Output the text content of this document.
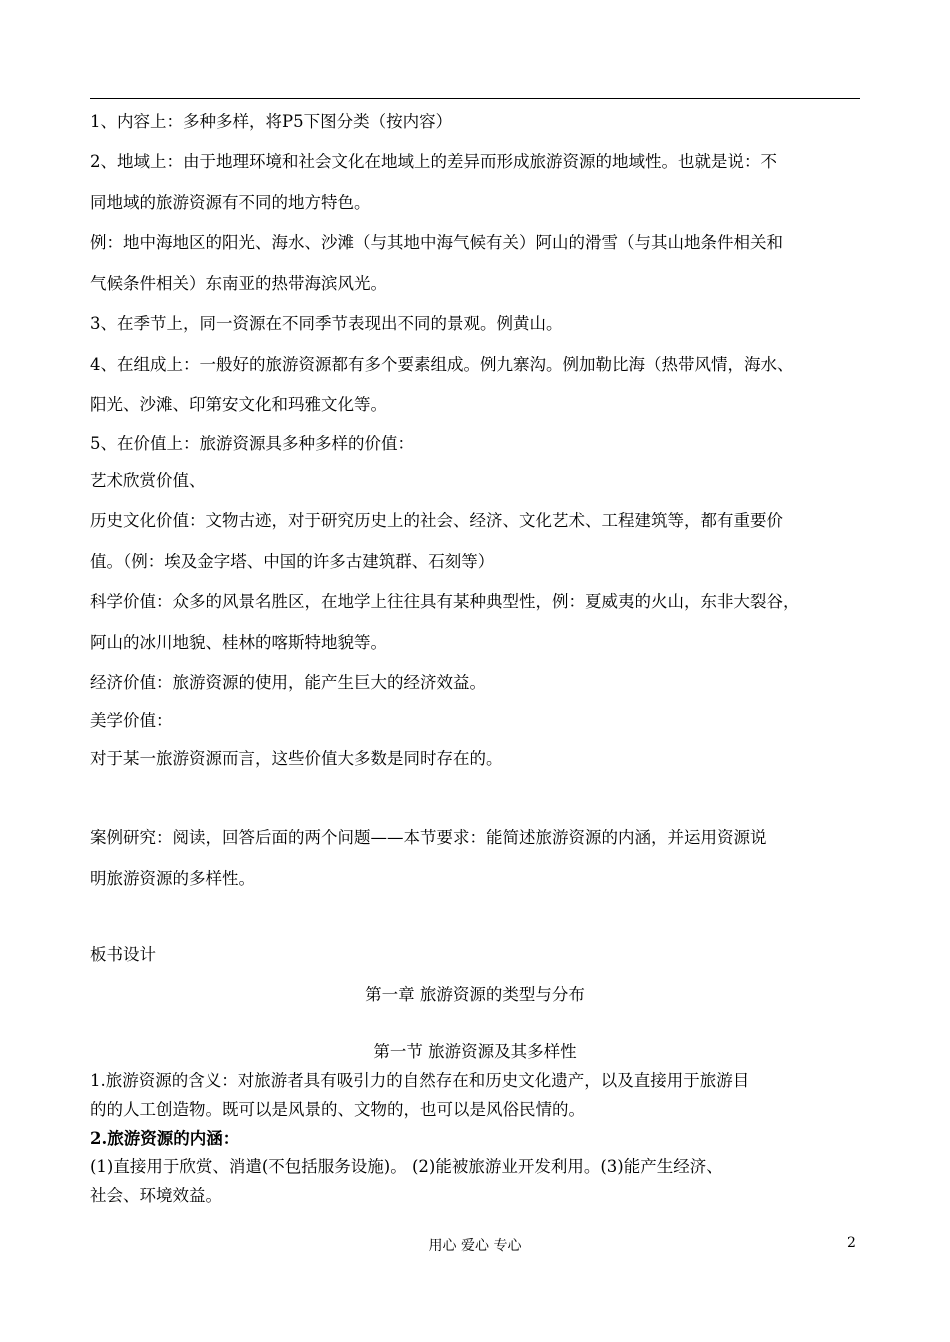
1、内容上：多种多样，将P5下图分类（按内容）
2、地域上：由于地理环境和社会文化在地域上的差异而形成旅游资源的地域性。也就是说：不
同地域的旅游资源有不同的地方特色。
例：地中海地区的阳光、海水、沙滩（与其地中海气候有关）阿山的滑雪（与其山地条件相关和
气候条件相关）东南亚的热带海滨风光。
3、在季节上，同一资源在不同季节表现出不同的景观。例黄山。
4、在组成上：一般好的旅游资源都有多个要素组成。例九寨沟。例加勒比海（热带风情，海水、
阳光、沙滩、印第安文化和玛雅文化等。
5、在价值上：旅游资源具多种多样的价值：
艺术欣赏价值、
历史文化价值：文物古迹，对于研究历史上的社会、经济、文化艺术、工程建筑等，都有重要价
值。（例：埃及金字塔、中国的许多古建筑群、石刻等）
科学价值：众多的风景名胜区，在地学上往往具有某种典型性，例：夏威夷的火山，东非大裂谷，
阿山的冰川地貌、桂林的喀斯特地貌等。
经济价值：旅游资源的使用，能产生巨大的经济效益。
美学价值：
对于某一旅游资源而言，这些价值大多数是同时存在的。
案例研究：阅读，回答后面的两个问题——本节要求：能简述旅游资源的内涵，并运用资源说
明旅游资源的多样性。
板书设计
第一章 旅游资源的类型与分布
第一节 旅游资源及其多样性
1.旅游资源的含义：对旅游者具有吸引力的自然存在和历史文化遗产，以及直接用于旅游目
的的人工创造物。既可以是风景的、文物的，也可以是风俗民情的。
2.旅游资源的内涵：
(1)直接用于欣赏、消遣(不包括服务设施)。 (2)能被旅游业开发利用。(3)能产生经济、
社会、环境效益。
用心 爱心 专心	2
